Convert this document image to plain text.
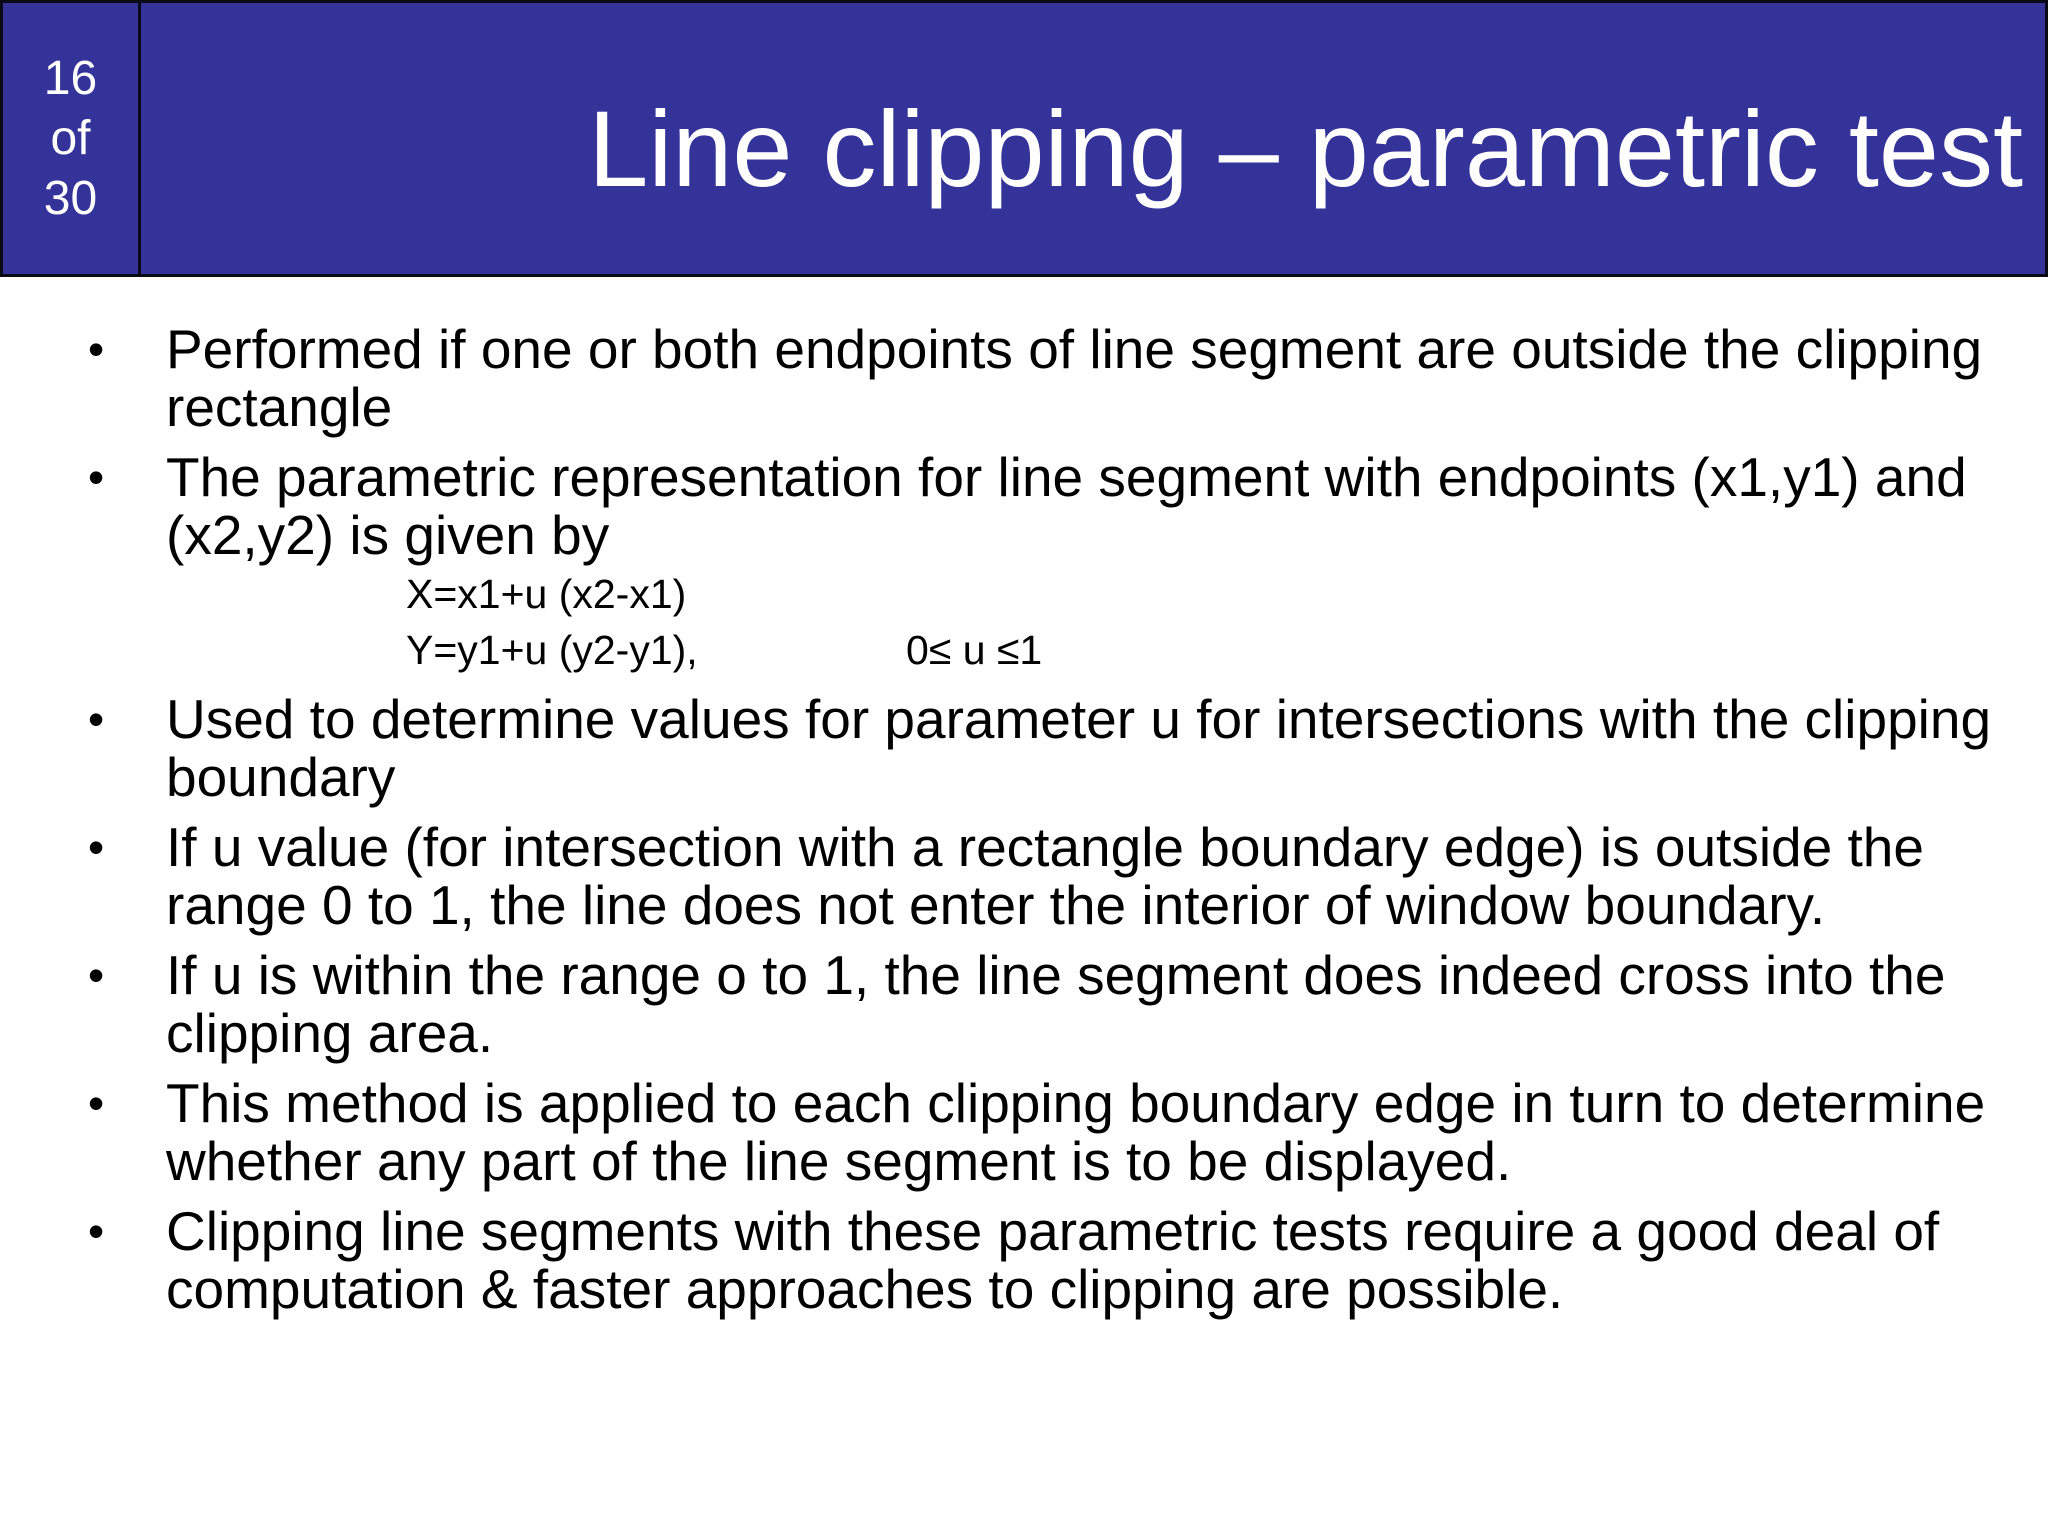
16
of
30	Line clipping – parametric test
• Performed if one or both endpoints of line segment are outside the clipping rectangle
• The parametric representation for line segment with endpoints (x1,y1) and (x2,y2) is given by
X=x1+u (x2-x1)
Y=y1+u (y2-y1),	0≤ u ≤1
• Used to determine values for parameter u for intersections with the clipping boundary
• If u value (for intersection with a rectangle boundary edge) is outside the range 0 to 1, the line does not enter the interior of window boundary.
• If u is within the range o to 1, the line segment does indeed cross into the clipping area.
• This method is applied to each clipping boundary edge in turn to determine whether any part of the line segment is to be displayed.
• Clipping line segments with these parametric tests require a good deal of computation & faster approaches to clipping are possible.
